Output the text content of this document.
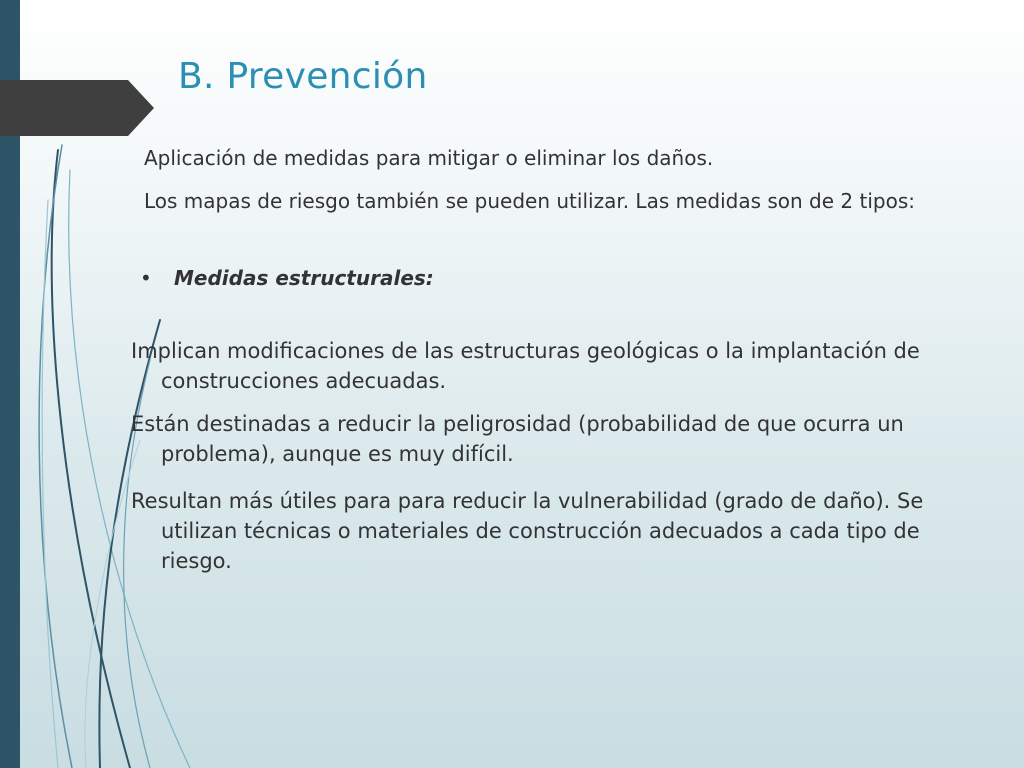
B. Prevención

Aplicación de medidas para mitigar o eliminar los daños.

Los mapas de riesgo también se pueden utilizar. Las medidas son de 2 tipos:

• Medidas estructurales:

Implican modificaciones de las estructuras geológicas o la implantación de construcciones adecuadas.

Están destinadas a reducir la peligrosidad (probabilidad de que ocurra un problema), aunque es muy difícil.

Resultan más útiles para para reducir la vulnerabilidad (grado de daño). Se utilizan técnicas o materiales de construcción adecuados a cada tipo de riesgo.
